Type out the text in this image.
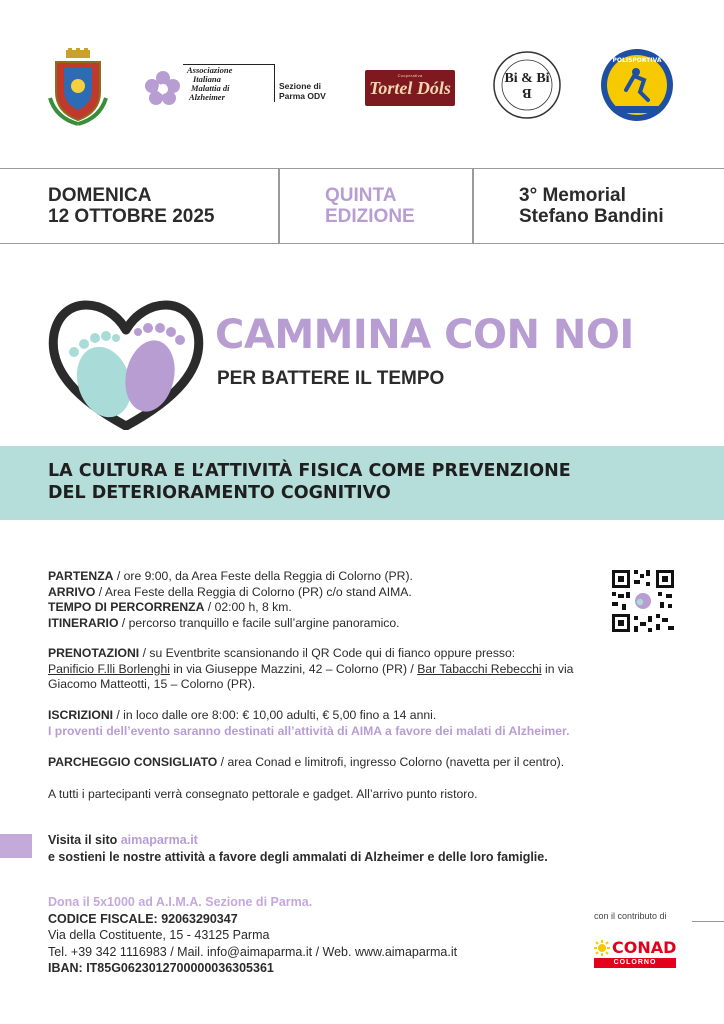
Associazione
Italiana
Malattia di
Alzheimer
Sezione di
Parma ODV
Cooperativa
Tortel Dóls	Bi & Bi
B
POLISPORTIVA
DOMENICA
12 OTTOBRE 2025
QUINTA
EDIZIONE
3° Memorial
Stefano Bandini
CAMMINA CON NOI
PER BATTERE IL TEMPO
LA CULTURA E L’ATTIVITÀ FISICA COME PREVENZIONE
DEL DETERIORAMENTO COGNITIVO
PARTENZA / ore 9:00, da Area Feste della Reggia di Colorno (PR).
ARRIVO / Area Feste della Reggia di Colorno (PR) c/o stand AIMA.
TEMPO DI PERCORRENZA / 02:00 h, 8 km.
ITINERARIO / percorso tranquillo e facile sull’argine panoramico.
PRENOTAZIONI / su Eventbrite scansionando il QR Code qui di fianco oppure presso:
Panificio F.lli Borlenghi in via Giuseppe Mazzini, 42 – Colorno (PR) / Bar Tabacchi Rebecchi in via
Giacomo Matteotti, 15 – Colorno (PR).
ISCRIZIONI / in loco dalle ore 8:00: € 10,00 adulti, € 5,00 fino a 14 anni.
I proventi dell’evento saranno destinati all’attività di AIMA a favore dei malati di Alzheimer.
PARCHEGGIO CONSIGLIATO / area Conad e limitrofi, ingresso Colorno (navetta per il centro).
A tutti i partecipanti verrà consegnato pettorale e gadget. All’arrivo punto ristoro.
Visita il sito aimaparma.it
e sostieni le nostre attività a favore degli ammalati di Alzheimer e delle loro famiglie.
Dona il 5x1000 ad A.I.M.A. Sezione di Parma.
CODICE FISCALE: 92063290347
Via della Costituente, 15 - 43125 Parma
Tel. +39 342 1116983 / Mail. info@aimaparma.it / Web. www.aimaparma.it
IBAN: IT85G0623012700000036305361
con il contributo di
CONAD
COLORNO
